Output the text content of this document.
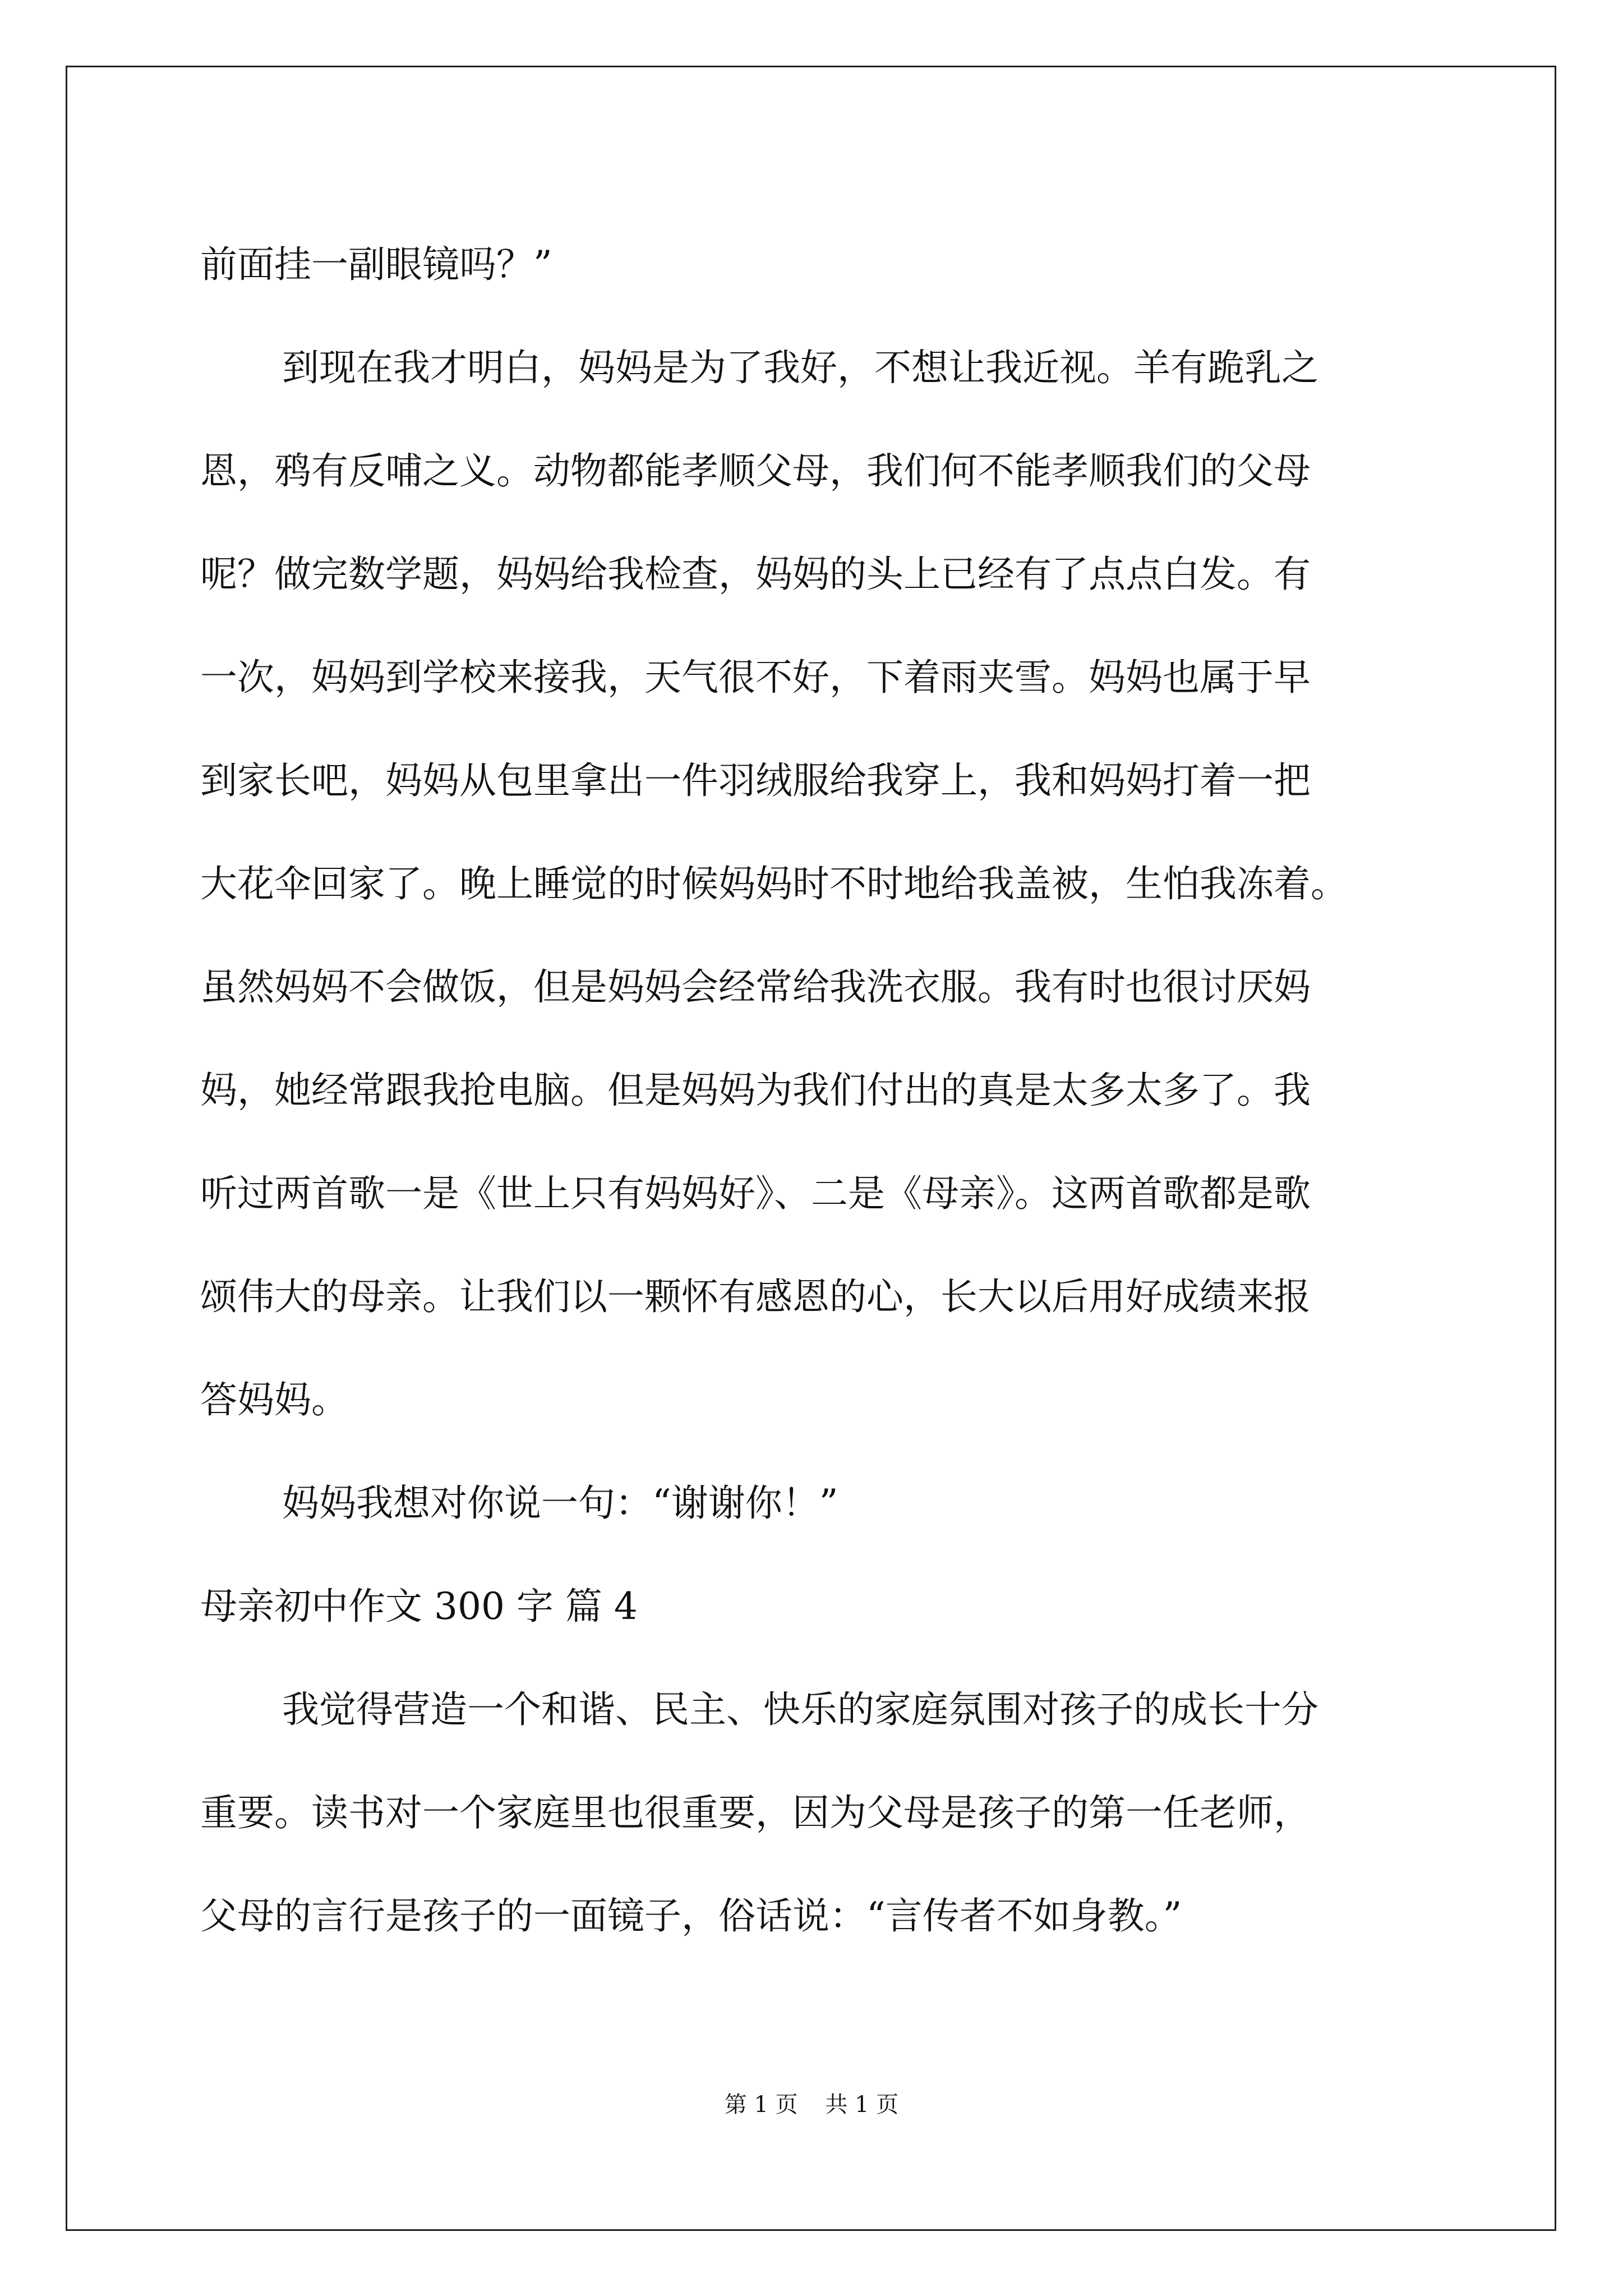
前面挂一副眼镜吗？”
到现在我才明白，妈妈是为了我好，不想让我近视。羊有跪乳之
恩，鸦有反哺之义。动物都能孝顺父母，我们何不能孝顺我们的父母
呢？做完数学题，妈妈给我检查，妈妈的头上已经有了点点白发。有
一次，妈妈到学校来接我，天气很不好，下着雨夹雪。妈妈也属于早
到家长吧，妈妈从包里拿出一件羽绒服给我穿上，我和妈妈打着一把
大花伞回家了。晚上睡觉的时候妈妈时不时地给我盖被，生怕我冻着。
虽然妈妈不会做饭，但是妈妈会经常给我洗衣服。我有时也很讨厌妈
妈，她经常跟我抢电脑。但是妈妈为我们付出的真是太多太多了。我
听过两首歌一是《世上只有妈妈好》、二是《母亲》。这两首歌都是歌
颂伟大的母亲。让我们以一颗怀有感恩的心，长大以后用好成绩来报
答妈妈。
妈妈我想对你说一句：“谢谢你！”
母亲初中作文 300 字 篇 4
我觉得营造一个和谐、民主、快乐的家庭氛围对孩子的成长十分
重要。读书对一个家庭里也很重要，因为父母是孩子的第一任老师，
父母的言行是孩子的一面镜子，俗话说：“言传者不如身教。”
第 1 页 共 1 页
